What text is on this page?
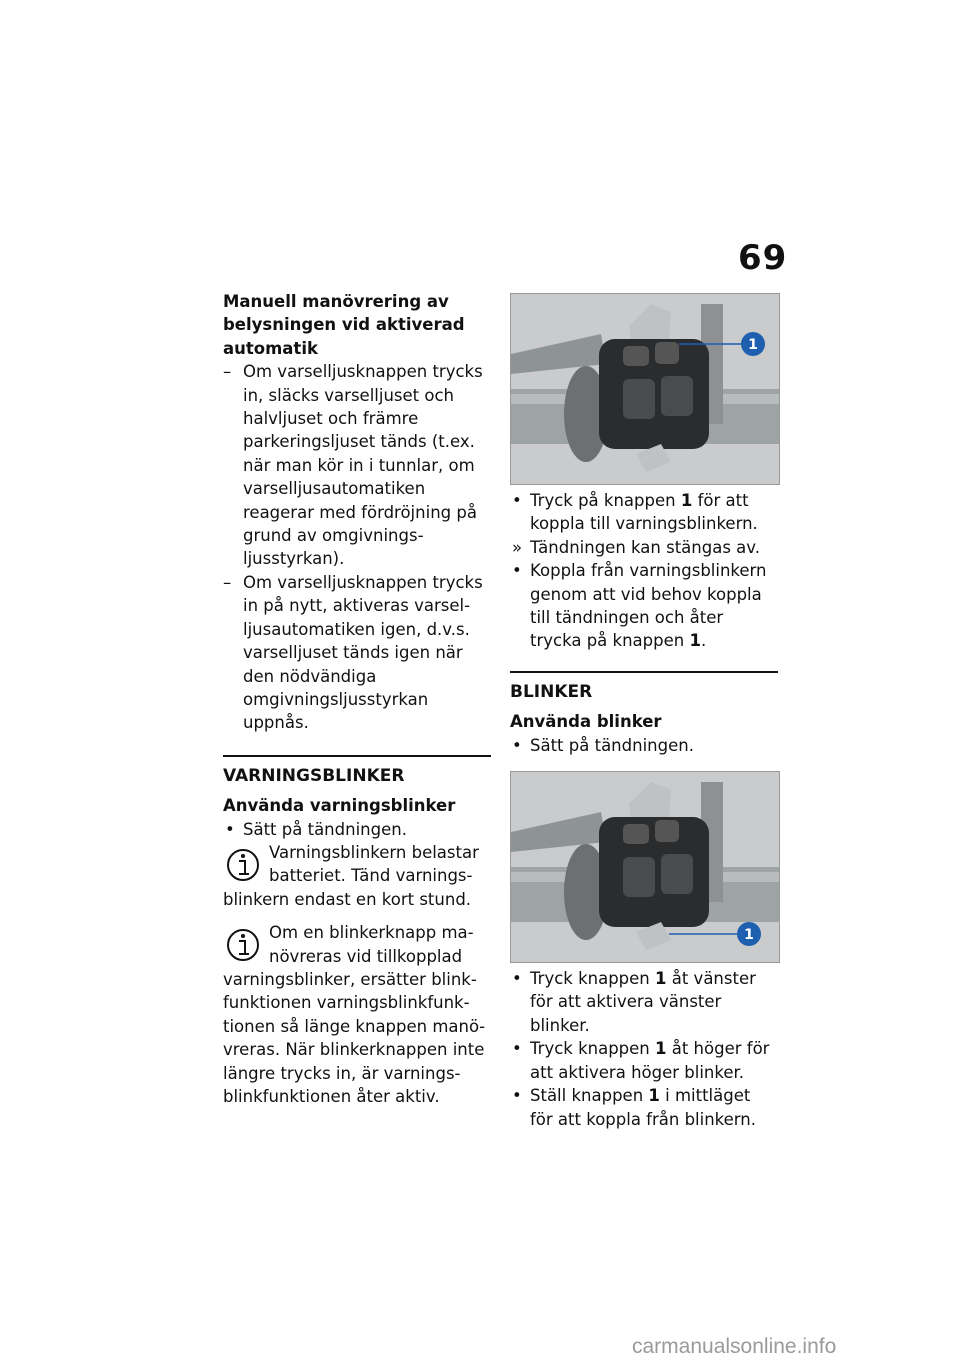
69
Manuell manövrering av belysningen vid aktiverad automatik
– Om varselljusknappen trycks in, släcks varselljuset och halvljuset och främre parkeringsljuset tänds (t.ex. när man kör in i tunnlar, om varselljusautomatiken reagerar med fördröjning på grund av omgivningsljusstyrkan).
– Om varselljusknappen trycks in på nytt, aktiveras varselljusautomatiken igen, d.v.s. varselljuset tänds igen när den nödvändiga omgivningsljusstyrkan uppnås.
VARNINGSBLINKER
Använda varningsblinker
• Sätt på tändningen.
Varningsblinkern belastar batteriet. Tänd varningsblinkern endast en kort stund.
Om en blinkerknapp manövreras vid tillkopplad varningsblinker, ersätter blinkfunktionen varningsblinkfunktionen så länge knappen manövreras. När blinkerknappen inte längre trycks in, är varningsblinkfunktionen åter aktiv.
1
• Tryck på knappen 1 för att koppla till varningsblinkern.
» Tändningen kan stängas av.
• Koppla från varningsblinkern genom att vid behov koppla till tändningen och åter trycka på knappen 1.
BLINKER
Använda blinker
• Sätt på tändningen.
1
• Tryck knappen 1 åt vänster för att aktivera vänster blinker.
• Tryck knappen 1 åt höger för att aktivera höger blinker.
• Ställ knappen 1 i mittläget för att koppla från blinkern.
carmanualsonline.info
